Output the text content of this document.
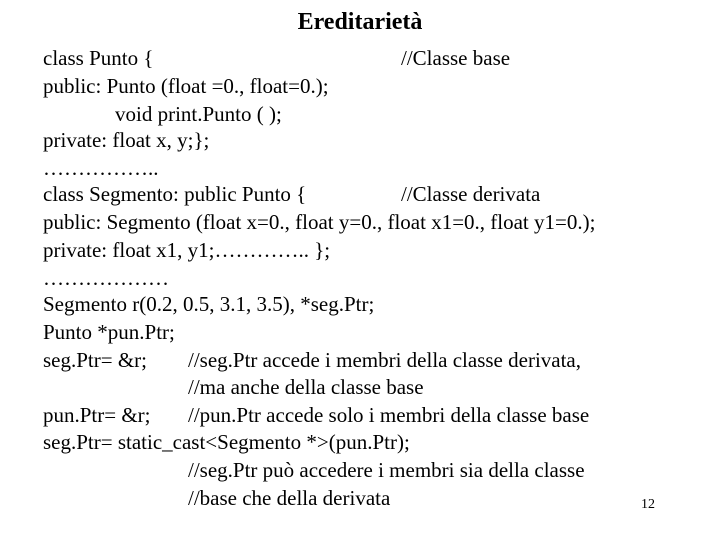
Ereditarietà
class Punto {	//Classe base
public: Punto (float =0., float=0.);
void print.Punto ( );
private: float x, y;};
……………..
class Segmento: public Punto {	//Classe derivata
public: Segmento (float x=0., float y=0., float x1=0., float y1=0.);
private: float x1, y1;………….. };
………………
Segmento r(0.2, 0.5, 3.1, 3.5), *seg.Ptr;
Punto *pun.Ptr;
seg.Ptr= &r; //seg.Ptr accede i membri della classe derivata,
//ma anche della classe base
pun.Ptr= &r; //pun.Ptr accede solo i membri della classe base
seg.Ptr= static_cast<Segmento *>(pun.Ptr);
//seg.Ptr può accedere i membri sia della classe
//base che della derivata	12
